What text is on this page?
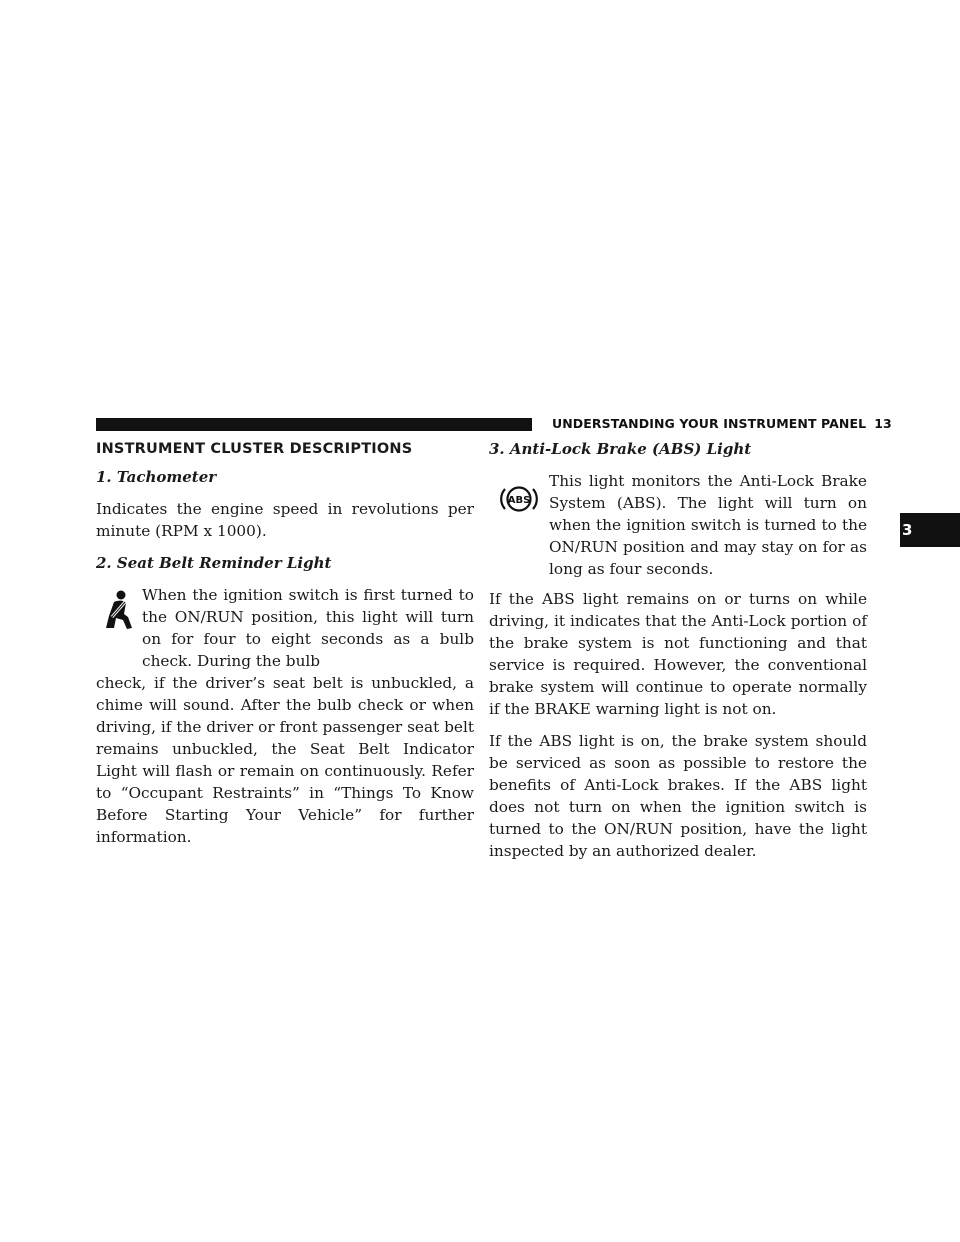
UNDERSTANDING YOUR INSTRUMENT PANEL 13
3
INSTRUMENT CLUSTER DESCRIPTIONS
1. Tachometer

Indicates the engine speed in revolutions per minute (RPM x 1000).

2. Seat Belt Reminder Light
When the ignition switch is first turned to the ON/RUN position, this light will turn on for four to eight seconds as a bulb check. During the bulb

check, if the driver’s seat belt is unbuckled, a chime will sound. After the bulb check or when driving, if the driver or front passenger seat belt remains unbuckled, the Seat Belt Indicator Light will flash or remain on continuously. Refer to “Occupant Restraints” in “Things To Know Before Starting Your Vehicle” for further information.

3. Anti-Lock Brake (ABS) Light
ABS
This light monitors the Anti-Lock Brake System (ABS). The light will turn on when the ignition switch is turned to the ON/RUN position and may stay on for as long as four seconds.

If the ABS light remains on or turns on while driving, it indicates that the Anti-Lock portion of the brake system is not functioning and that service is required. However, the conventional brake system will continue to operate normally if the BRAKE warning light is not on.

If the ABS light is on, the brake system should be serviced as soon as possible to restore the benefits of Anti-Lock brakes. If the ABS light does not turn on when the ignition switch is turned to the ON/RUN position, have the light inspected by an authorized dealer.
